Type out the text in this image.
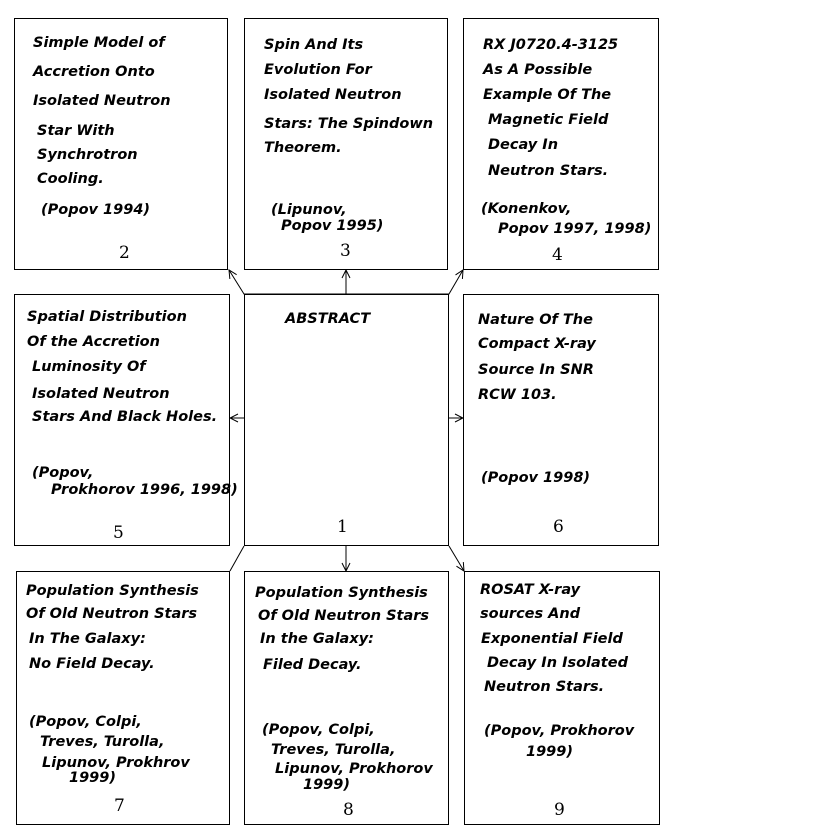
Simple Model of
Accretion Onto
Isolated Neutron
Star With
Synchrotron
Cooling.
(Popov 1994)
2
Spin And Its
Evolution For
Isolated Neutron
Stars: The Spindown
Theorem.
(Lipunov,
Popov 1995)
3
RX J0720.4-3125
As A Possible
Example Of The
Magnetic Field
Decay In
Neutron Stars.
(Konenkov,
Popov 1997, 1998)
4
Spatial Distribution
Of the Accretion
Luminosity Of
Isolated Neutron
Stars And Black Holes.
(Popov,
Prokhorov 1996, 1998)
5
ABSTRACT
1
Nature Of The
Compact X-ray
Source In SNR
RCW 103.
(Popov 1998)
6
Population Synthesis
Of Old Neutron Stars
In The Galaxy:
No Field Decay.
(Popov, Colpi,
Treves, Turolla,
Lipunov, Prokhrov
1999)
7
Population Synthesis
Of Old Neutron Stars
In the Galaxy:
Filed Decay.
(Popov, Colpi,
Treves, Turolla,
Lipunov, Prokhorov
1999)
8
ROSAT X-ray
sources And
Exponential Field
Decay In Isolated
Neutron Stars.
(Popov, Prokhorov
1999)
9
